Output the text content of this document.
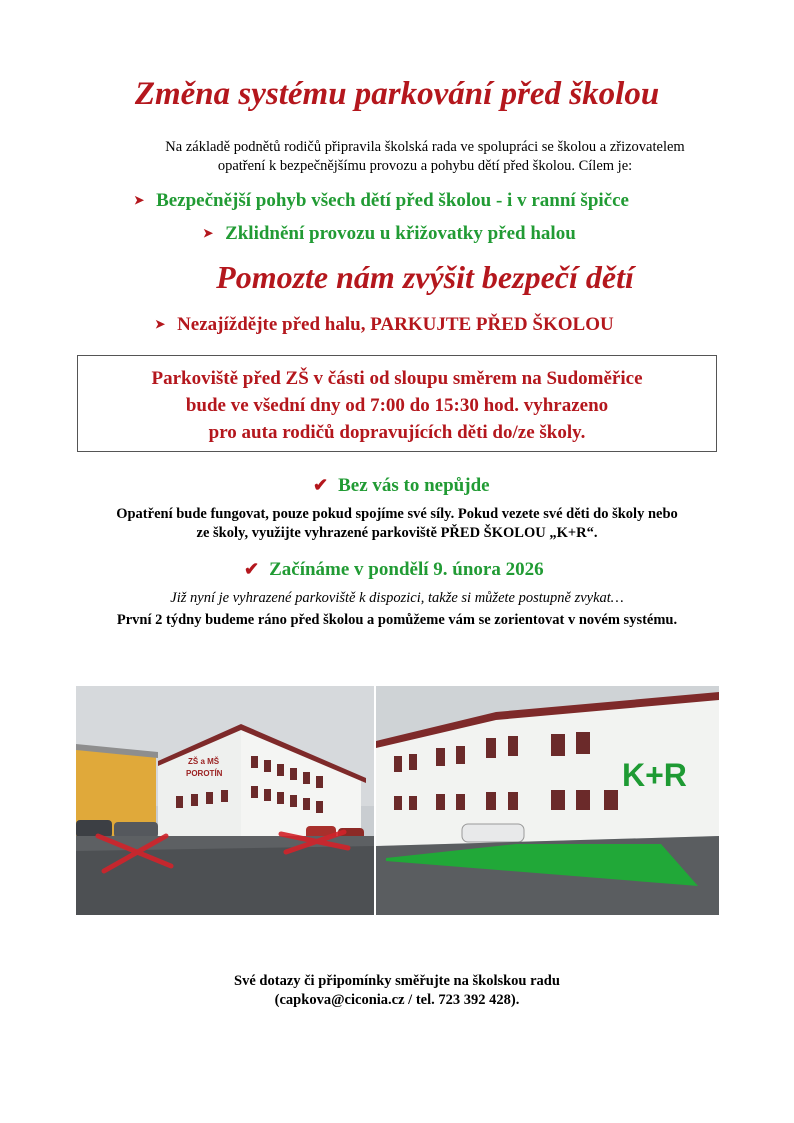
Změna systému parkování před školou
Na základě podnětů rodičů připravila školská rada ve spolupráci se školou a zřizovatelem
opatření k bezpečnějšímu provozu a pohybu dětí před školou. Cílem je:
➤ Bezpečnější pohyb všech dětí před školou - i v ranní špičce
➤ Zklidnění provozu u křižovatky před halou
Pomozte nám zvýšit bezpečí dětí
➤ Nezajíždějte před halu, PARKUJTE PŘED ŠKOLOU
Parkoviště před ZŠ v části od sloupu směrem na Sudoměřice
bude ve všední dny od 7:00 do 15:30 hod. vyhrazeno
pro auta rodičů dopravujících děti do/ze školy.
✔ Bez vás to nepůjde
Opatření bude fungovat, pouze pokud spojíme své síly. Pokud vezete své děti do školy nebo
ze školy, využijte vyhrazené parkoviště PŘED ŠKOLOU „K+R“.
✔ Začínáme v pondělí 9. února 2026
Již nyní je vyhrazené parkoviště k dispozici, takže si můžete postupně zvykat…
První 2 týdny budeme ráno před školou a pomůžeme vám se zorientovat v novém systému.
ZŠ a MŠ
POROTÍN	K+R
Své dotazy či připomínky směřujte na školskou radu
(capkova@ciconia.cz / tel. 723 392 428).
